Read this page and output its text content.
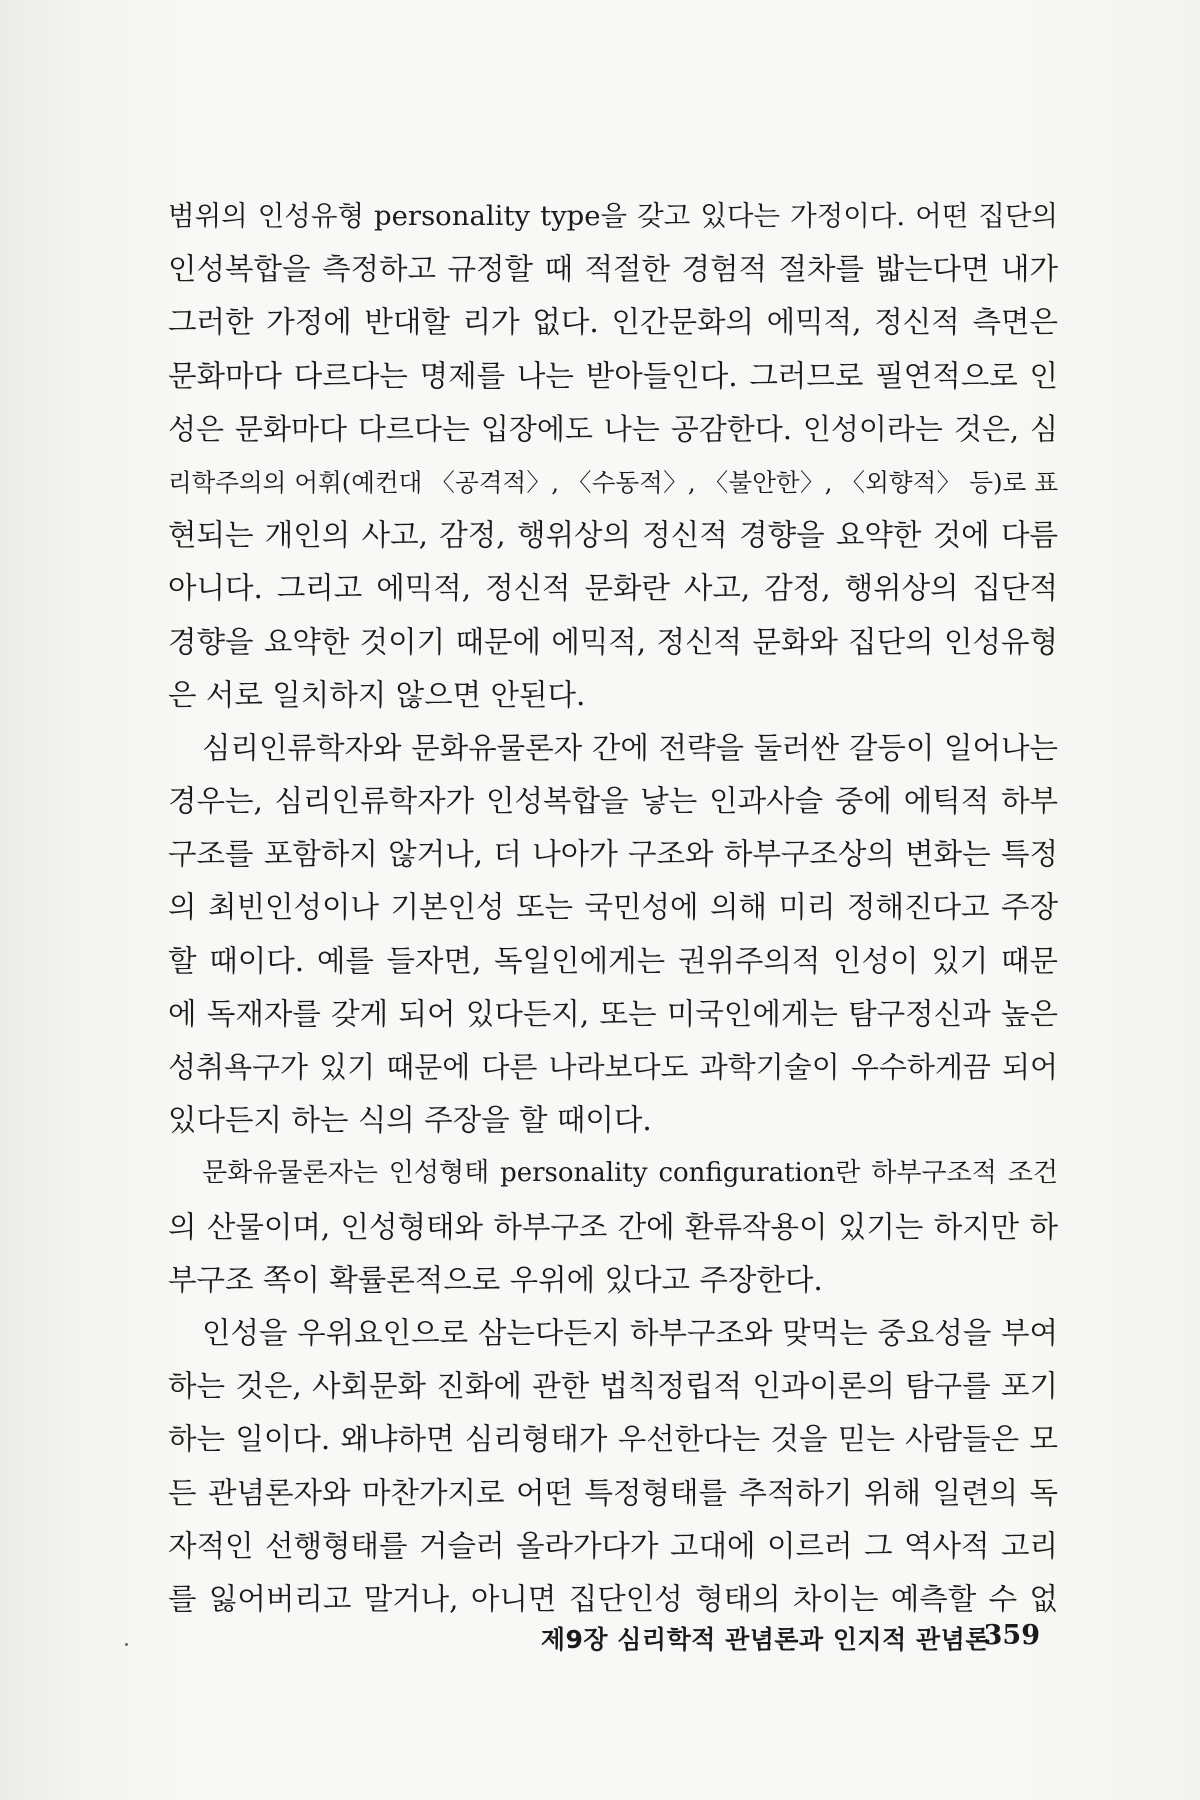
범위의 인성유형 personality type을 갖고 있다는 가정이다. 어떤 집단의
인성복합을 측정하고 규정할 때 적절한 경험적 절차를 밟는다면 내가
그러한 가정에 반대할 리가 없다. 인간문화의 에믹적, 정신적 측면은
문화마다 다르다는 명제를 나는 받아들인다. 그러므로 필연적으로 인
성은 문화마다 다르다는 입장에도 나는 공감한다. 인성이라는 것은, 심
리학주의의 어휘(예컨대 〈공격적〉, 〈수동적〉, 〈불안한〉, 〈외향적〉 등)로 표
현되는 개인의 사고, 감정, 행위상의 정신적 경향을 요약한 것에 다름
아니다. 그리고 에믹적, 정신적 문화란 사고, 감정, 행위상의 집단적
경향을 요약한 것이기 때문에 에믹적, 정신적 문화와 집단의 인성유형
은 서로 일치하지 않으면 안된다.
심리인류학자와 문화유물론자 간에 전략을 둘러싼 갈등이 일어나는
경우는, 심리인류학자가 인성복합을 낳는 인과사슬 중에 에틱적 하부
구조를 포함하지 않거나, 더 나아가 구조와 하부구조상의 변화는 특정
의 최빈인성이나 기본인성 또는 국민성에 의해 미리 정해진다고 주장
할 때이다. 예를 들자면, 독일인에게는 권위주의적 인성이 있기 때문
에 독재자를 갖게 되어 있다든지, 또는 미국인에게는 탐구정신과 높은
성취욕구가 있기 때문에 다른 나라보다도 과학기술이 우수하게끔 되어
있다든지 하는 식의 주장을 할 때이다.
문화유물론자는 인성형태 personality configuration란 하부구조적 조건
의 산물이며, 인성형태와 하부구조 간에 환류작용이 있기는 하지만 하
부구조 쪽이 확률론적으로 우위에 있다고 주장한다.
인성을 우위요인으로 삼는다든지 하부구조와 맞먹는 중요성을 부여
하는 것은, 사회문화 진화에 관한 법칙정립적 인과이론의 탐구를 포기
하는 일이다. 왜냐하면 심리형태가 우선한다는 것을 믿는 사람들은 모
든 관념론자와 마찬가지로 어떤 특정형태를 추적하기 위해 일련의 독
자적인 선행형태를 거슬러 올라가다가 고대에 이르러 그 역사적 고리
를 잃어버리고 말거나, 아니면 집단인성 형태의 차이는 예측할 수 없
제9장 심리학적 관념론과 인지적 관념론
359
